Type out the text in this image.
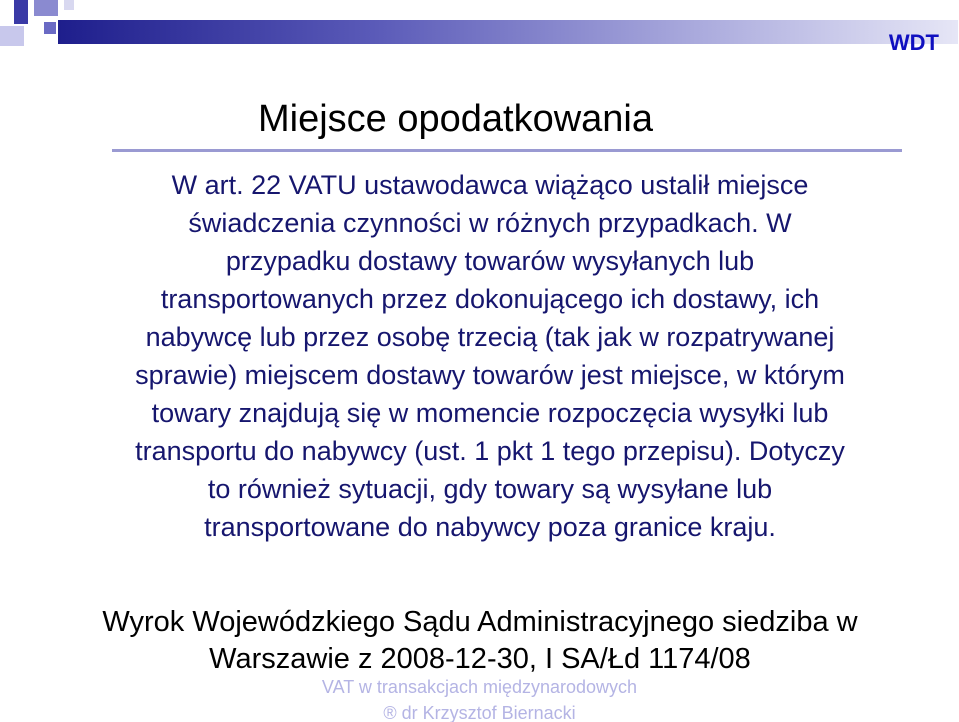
WDT
Miejsce opodatkowania
W art. 22 VATU ustawodawca wiążąco ustalił miejsce
świadczenia czynności w różnych przypadkach. W
przypadku dostawy towarów wysyłanych lub
transportowanych przez dokonującego ich dostawy, ich
nabywcę lub przez osobę trzecią (tak jak w rozpatrywanej
sprawie) miejscem dostawy towarów jest miejsce, w którym
towary znajdują się w momencie rozpoczęcia wysyłki lub
transportu do nabywcy (ust. 1 pkt 1 tego przepisu). Dotyczy
to również sytuacji, gdy towary są wysyłane lub
transportowane do nabywcy poza granice kraju.
Wyrok Wojewódzkiego Sądu Administracyjnego siedziba w
Warszawie z 2008-12-30, I SA/Łd 1174/08
VAT w transakcjach międzynarodowych
® dr Krzysztof Biernacki
